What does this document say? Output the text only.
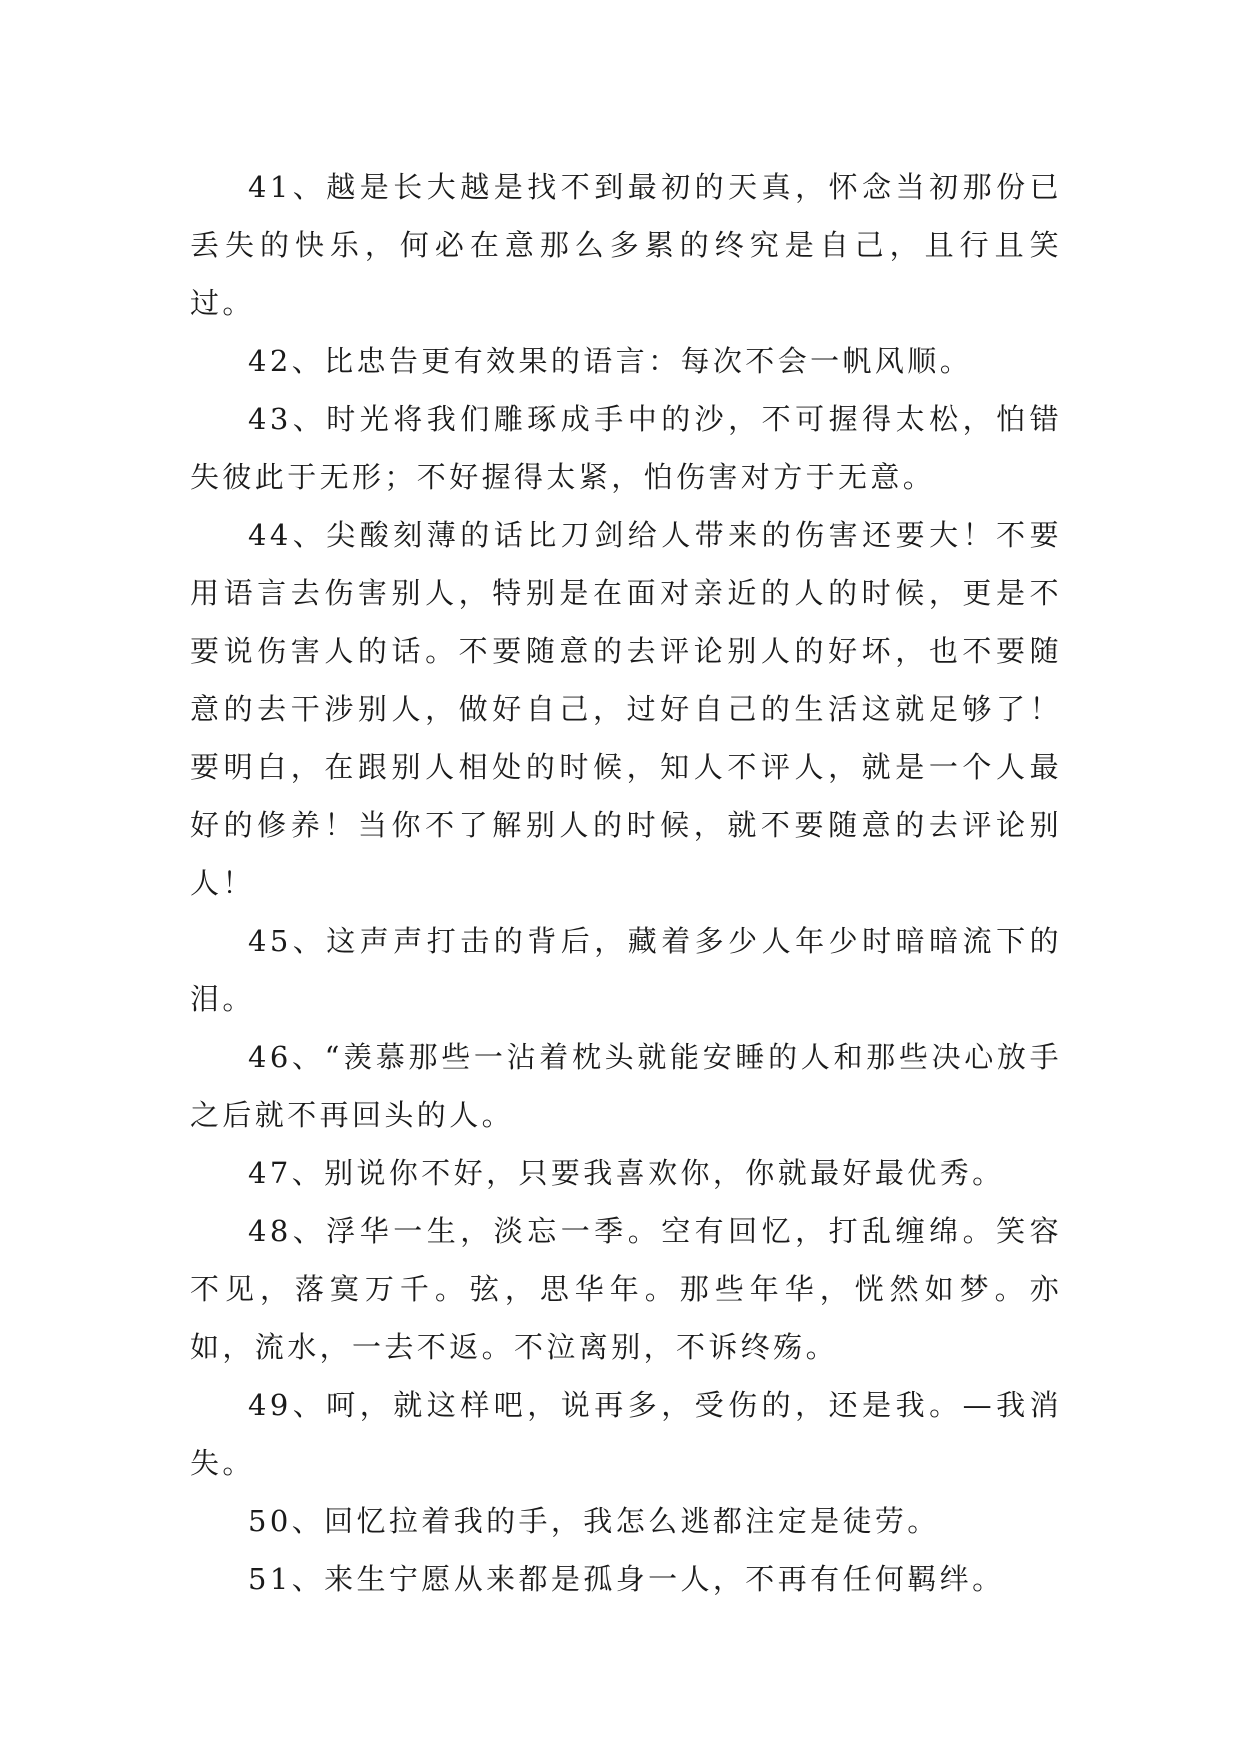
41、越是长大越是找不到最初的天真，怀念当初那份已丢失的快乐，何必在意那么多累的终究是自己，且行且笑过。

42、比忠告更有效果的语言：每次不会一帆风顺。

43、时光将我们雕琢成手中的沙，不可握得太松，怕错失彼此于无形；不好握得太紧，怕伤害对方于无意。

44、尖酸刻薄的话比刀剑给人带来的伤害还要大！不要用语言去伤害别人，特别是在面对亲近的人的时候，更是不要说伤害人的话。不要随意的去评论别人的好坏，也不要随意的去干涉别人，做好自己，过好自己的生活这就足够了！要明白，在跟别人相处的时候，知人不评人，就是一个人最好的修养！当你不了解别人的时候，就不要随意的去评论别人！

45、这声声打击的背后，藏着多少人年少时暗暗流下的泪。

46、“羡慕那些一沾着枕头就能安睡的人和那些决心放手之后就不再回头的人。

47、别说你不好，只要我喜欢你，你就最好最优秀。

48、浮华一生，淡忘一季。空有回忆，打乱缠绵。笑容不见，落寞万千。弦，思华年。那些年华，恍然如梦。亦如，流水，一去不返。不泣离别，不诉终殇。

49、呵，就这样吧，说再多，受伤的，还是我。—我消失。

50、回忆拉着我的手，我怎么逃都注定是徒劳。

51、来生宁愿从来都是孤身一人，不再有任何羁绊。
